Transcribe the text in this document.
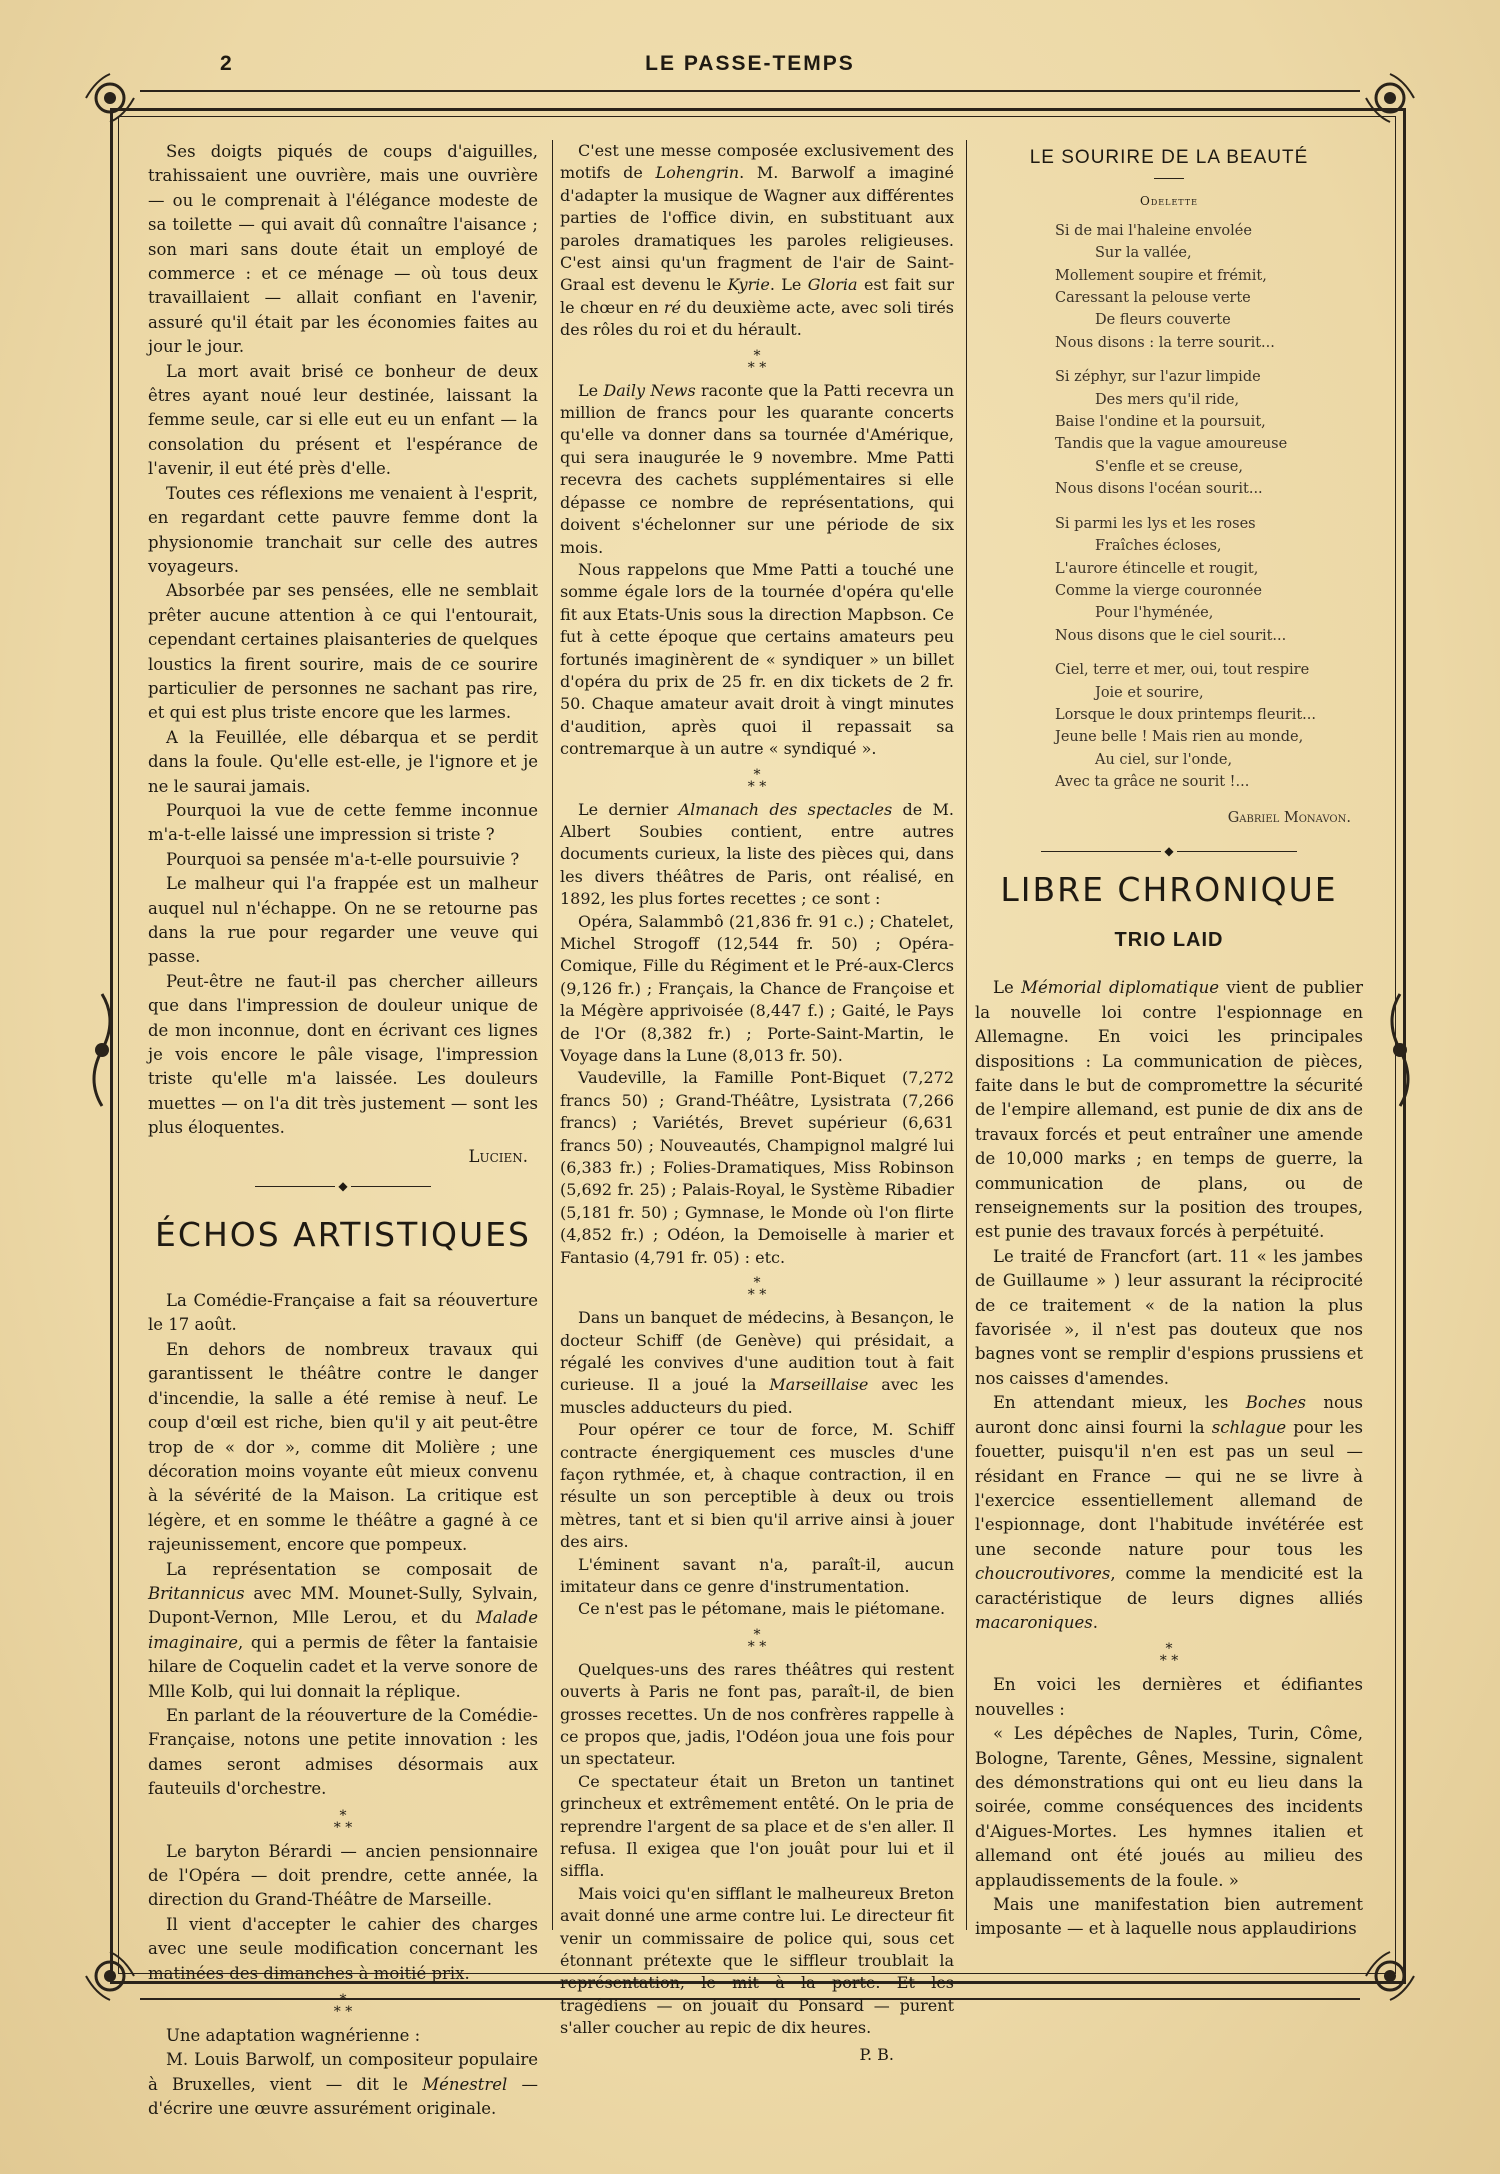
2	LE PASSE-TEMPS

Ses doigts piqués de coups d'aiguilles, trahissaient une ouvrière, mais une ouvrière — ou le comprenait à l'élégance modeste de sa toilette — qui avait dû connaître l'aisance ; son mari sans doute était un employé de commerce : et ce ménage — où tous deux travaillaient — allait confiant en l'avenir, assuré qu'il était par les économies faites au jour le jour.

La mort avait brisé ce bonheur de deux êtres ayant noué leur destinée, laissant la femme seule, car si elle eut eu un enfant — la consolation du présent et l'espérance de l'avenir, il eut été près d'elle.

Toutes ces réflexions me venaient à l'esprit, en regardant cette pauvre femme dont la physionomie tranchait sur celle des autres voyageurs.

Absorbée par ses pensées, elle ne semblait prêter aucune attention à ce qui l'entourait, cependant certaines plaisanteries de quelques loustics la firent sourire, mais de ce sourire particulier de personnes ne sachant pas rire, et qui est plus triste encore que les larmes.

A la Feuillée, elle débarqua et se perdit dans la foule. Qu'elle est-elle, je l'ignore et je ne le saurai jamais.

Pourquoi la vue de cette femme inconnue m'a-t-elle laissé une impression si triste ?

Pourquoi sa pensée m'a-t-elle poursuivie ?

Le malheur qui l'a frappée est un malheur auquel nul n'échappe. On ne se retourne pas dans la rue pour regarder une veuve qui passe.

Peut-être ne faut-il pas chercher ailleurs que dans l'impression de douleur unique de de mon inconnue, dont en écrivant ces lignes je vois encore le pâle visage, l'impression triste qu'elle m'a laissée. Les douleurs muettes — on l'a dit très justement — sont les plus éloquentes.

Lucien.
◆
ÉCHOS ARTISTIQUES

La Comédie-Française a fait sa réouverture le 17 août.

En dehors de nombreux travaux qui garantissent le théâtre contre le danger d'incendie, la salle a été remise à neuf. Le coup d'œil est riche, bien qu'il y ait peut-être trop de « dor », comme dit Molière ; une décoration moins voyante eût mieux convenu à la sévérité de la Maison. La critique est légère, et en somme le théâtre a gagné à ce rajeunissement, encore que pompeux.

La représentation se composait de Britannicus avec MM. Mounet-Sully, Sylvain, Dupont-Vernon, Mlle Lerou, et du Malade imaginaire, qui a permis de fêter la fantaisie hilare de Coquelin cadet et la verve sonore de Mlle Kolb, qui lui donnait la réplique.

En parlant de la réouverture de la Comédie-Française, notons une petite innovation : les dames seront admises désormais aux fauteuils d'orchestre.

*
* *

Le baryton Bérardi — ancien pensionnaire de l'Opéra — doit prendre, cette année, la direction du Grand-Théâtre de Marseille.

Il vient d'accepter le cahier des charges avec une seule modification concernant les matinées des dimanches à moitié prix.

*
* *

Une adaptation wagnérienne :

M. Louis Barwolf, un compositeur populaire à Bruxelles, vient — dit le Ménestrel — d'écrire une œuvre assurément originale.

C'est une messe composée exclusivement des motifs de Lohengrin. M. Barwolf a imaginé d'adapter la musique de Wagner aux différentes parties de l'office divin, en substituant aux paroles dramatiques les paroles religieuses. C'est ainsi qu'un fragment de l'air de Saint-Graal est devenu le Kyrie. Le Gloria est fait sur le chœur en ré du deuxième acte, avec soli tirés des rôles du roi et du hérault.

*
* *

Le Daily News raconte que la Patti recevra un million de francs pour les quarante concerts qu'elle va donner dans sa tournée d'Amérique, qui sera inaugurée le 9 novembre. Mme Patti recevra des cachets supplémentaires si elle dépasse ce nombre de représentations, qui doivent s'échelonner sur une période de six mois.

Nous rappelons que Mme Patti a touché une somme égale lors de la tournée d'opéra qu'elle fit aux Etats-Unis sous la direction Mapbson. Ce fut à cette époque que certains amateurs peu fortunés imaginèrent de « syndiquer » un billet d'opéra du prix de 25 fr. en dix tickets de 2 fr. 50. Chaque amateur avait droit à vingt minutes d'audition, après quoi il repassait sa contremarque à un autre « syndiqué ».

*
* *

Le dernier Almanach des spectacles de M. Albert Soubies contient, entre autres documents curieux, la liste des pièces qui, dans les divers théâtres de Paris, ont réalisé, en 1892, les plus fortes recettes ; ce sont :

Opéra, Salammbô (21,836 fr. 91 c.) ; Chatelet, Michel Strogoff (12,544 fr. 50) ; Opéra-Comique, Fille du Régiment et le Pré-aux-Clercs (9,126 fr.) ; Français, la Chance de Françoise et la Mégère apprivoisée (8,447 f.) ; Gaité, le Pays de l'Or (8,382 fr.) ; Porte-Saint-Martin, le Voyage dans la Lune (8,013 fr. 50).

Vaudeville, la Famille Pont-Biquet (7,272 francs 50) ; Grand-Théâtre, Lysistrata (7,266 francs) ; Variétés, Brevet supérieur (6,631 francs 50) ; Nouveautés, Champignol malgré lui (6,383 fr.) ; Folies-Dramatiques, Miss Robinson (5,692 fr. 25) ; Palais-Royal, le Système Ribadier (5,181 fr. 50) ; Gymnase, le Monde où l'on flirte (4,852 fr.) ; Odéon, la Demoiselle à marier et Fantasio (4,791 fr. 05) : etc.

*
* *

Dans un banquet de médecins, à Besançon, le docteur Schiff (de Genève) qui présidait, a régalé les convives d'une audition tout à fait curieuse. Il a joué la Marseillaise avec les muscles adducteurs du pied.

Pour opérer ce tour de force, M. Schiff contracte énergiquement ces muscles d'une façon rythmée, et, à chaque contraction, il en résulte un son perceptible à deux ou trois mètres, tant et si bien qu'il arrive ainsi à jouer des airs.

L'éminent savant n'a, paraît-il, aucun imitateur dans ce genre d'instrumentation.

Ce n'est pas le pétomane, mais le piétomane.

*
* *

Quelques-uns des rares théâtres qui restent ouverts à Paris ne font pas, paraît-il, de bien grosses recettes. Un de nos confrères rappelle à ce propos que, jadis, l'Odéon joua une fois pour un spectateur.

Ce spectateur était un Breton un tantinet grincheux et extrêmement entêté. On le pria de reprendre l'argent de sa place et de s'en aller. Il refusa. Il exigea que l'on jouât pour lui et il siffla.

Mais voici qu'en sifflant le malheureux Breton avait donné une arme contre lui. Le directeur fit venir un commissaire de police qui, sous cet étonnant prétexte que le siffleur troublait la représentation, le mit à la porte. Et les tragédiens — on jouait du Ponsard — purent s'aller coucher au repic de dix heures.

P. B.
LE SOURIRE DE LA BEAUTÉ
Odelette
Si de mai l'haleine envolée
Sur la vallée,
Mollement soupire et frémit,
Caressant la pelouse verte
De fleurs couverte
Nous disons : la terre sourit...
Si zéphyr, sur l'azur limpide
Des mers qu'il ride,
Baise l'ondine et la poursuit,
Tandis que la vague amoureuse
S'enfle et se creuse,
Nous disons l'océan sourit...
Si parmi les lys et les roses
Fraîches écloses,
L'aurore étincelle et rougit,
Comme la vierge couronnée
Pour l'hyménée,
Nous disons que le ciel sourit...
Ciel, terre et mer, oui, tout respire
Joie et sourire,
Lorsque le doux printemps fleurit...
Jeune belle ! Mais rien au monde,
Au ciel, sur l'onde,
Avec ta grâce ne sourit !...
Gabriel Monavon.
◆
LIBRE CHRONIQUE
TRIO LAID

Le Mémorial diplomatique vient de publier la nouvelle loi contre l'espionnage en Allemagne. En voici les principales dispositions : La communication de pièces, faite dans le but de compromettre la sécurité de l'empire allemand, est punie de dix ans de travaux forcés et peut entraîner une amende de 10,000 marks ; en temps de guerre, la communication de plans, ou de renseignements sur la position des troupes, est punie des travaux forcés à perpétuité.

Le traité de Francfort (art. 11 « les jambes de Guillaume » ) leur assurant la réciprocité de ce traitement « de la nation la plus favorisée », il n'est pas douteux que nos bagnes vont se remplir d'espions prussiens et nos caisses d'amendes.

En attendant mieux, les Boches nous auront donc ainsi fourni la schlague pour les fouetter, puisqu'il n'en est pas un seul — résidant en France — qui ne se livre à l'exercice essentiellement allemand de l'espionnage, dont l'habitude invétérée est une seconde nature pour tous les choucroutivores, comme la mendicité est la caractéristique de leurs dignes alliés macaroniques.

*
* *

En voici les dernières et édifiantes nouvelles :

« Les dépêches de Naples, Turin, Côme, Bologne, Tarente, Gênes, Messine, signalent des démonstrations qui ont eu lieu dans la soirée, comme conséquences des incidents d'Aigues-Mortes. Les hymnes italien et allemand ont été joués au milieu des applaudissements de la foule. »

Mais une manifestation bien autrement imposante — et à laquelle nous applaudirions
